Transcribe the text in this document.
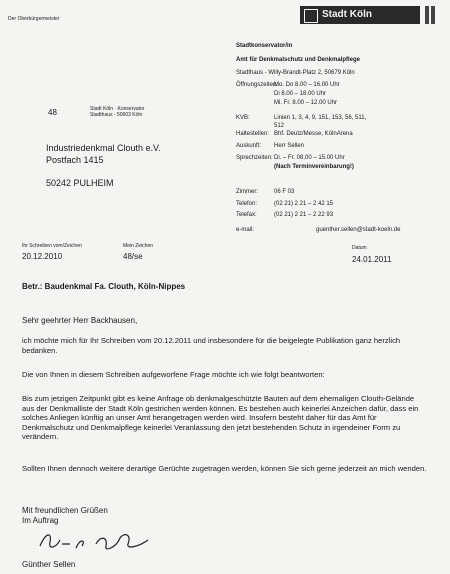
Der Oberbürgermeister	Stadt Köln
Stadtkonservator/in
Amt für Denkmalschutz und Denkmalpflege
Stadthaus - Willy-Brandt-Platz 2, 50679 Köln
Öffnungszeiten:
Mo. Do 8.00 – 16.00 Uhr
Di 8.00 – 18.00 Uhr
Mi. Fr. 8.00 – 12.00 Uhr
KVB:	Linien 1, 3, 4, 9, 151, 153, 56, 511,
512
Haltestellen: Bhf. Deutz/Messe, KölnArena
Auskunft: Herr Sellen
Sprechzeiten: Di. – Fr. 08.00 – 15.00 Uhr
(Nach Terminvereinbarung!)
Zimmer:	06 F 03
Telefon:	(02 21) 2 21 – 2 42 15
Telefax:	(02 21) 2 21 – 2 22 93
e-mail:	guenther.sellen@stadt-koeln.de
48	Stadt Köln · Konservator
Stadthaus · 50603 Köln
Industriedenkmal Clouth e.V.
Postfach 1415
50242 PULHEIM
Ihr Schreiben vom/Zeichen
20.12.2010
Mein Zeichen
48/se
Datum
24.01.2011
Betr.: Baudenkmal Fa. Clouth, Köln-Nippes
Sehr geehrter Herr Backhausen,
ich möchte mich für Ihr Schreiben vom 20.12.2011 und insbesondere für die beigelegte Publikation ganz herzlich bedanken.
Die von Ihnen in diesem Schreiben aufgeworfene Frage möchte ich wie folgt beantworten:
Bis zum jetzigen Zeitpunkt gibt es keine Anfrage ob denkmalgeschützte Bauten auf dem ehemaligen Clouth-Gelände aus der Denkmalliste der Stadt Köln gestrichen werden können. Es bestehen auch keinerlei Anzeichen dafür, dass ein solches Anliegen künftig an unser Amt herangetragen werden wird. Insofern besteht daher für das Amt für Denkmalschutz und Denkmalpflege keinerlei Veranlassung den jetzt bestehenden Schutz in irgendeiner Form zu verändern.
Sollten Ihnen dennoch weitere derartige Gerüchte zugetragen werden, können Sie sich gerne jederzeit an mich wenden.
Mit freundlichen Grüßen
Im Auftrag
Günther Sellen
